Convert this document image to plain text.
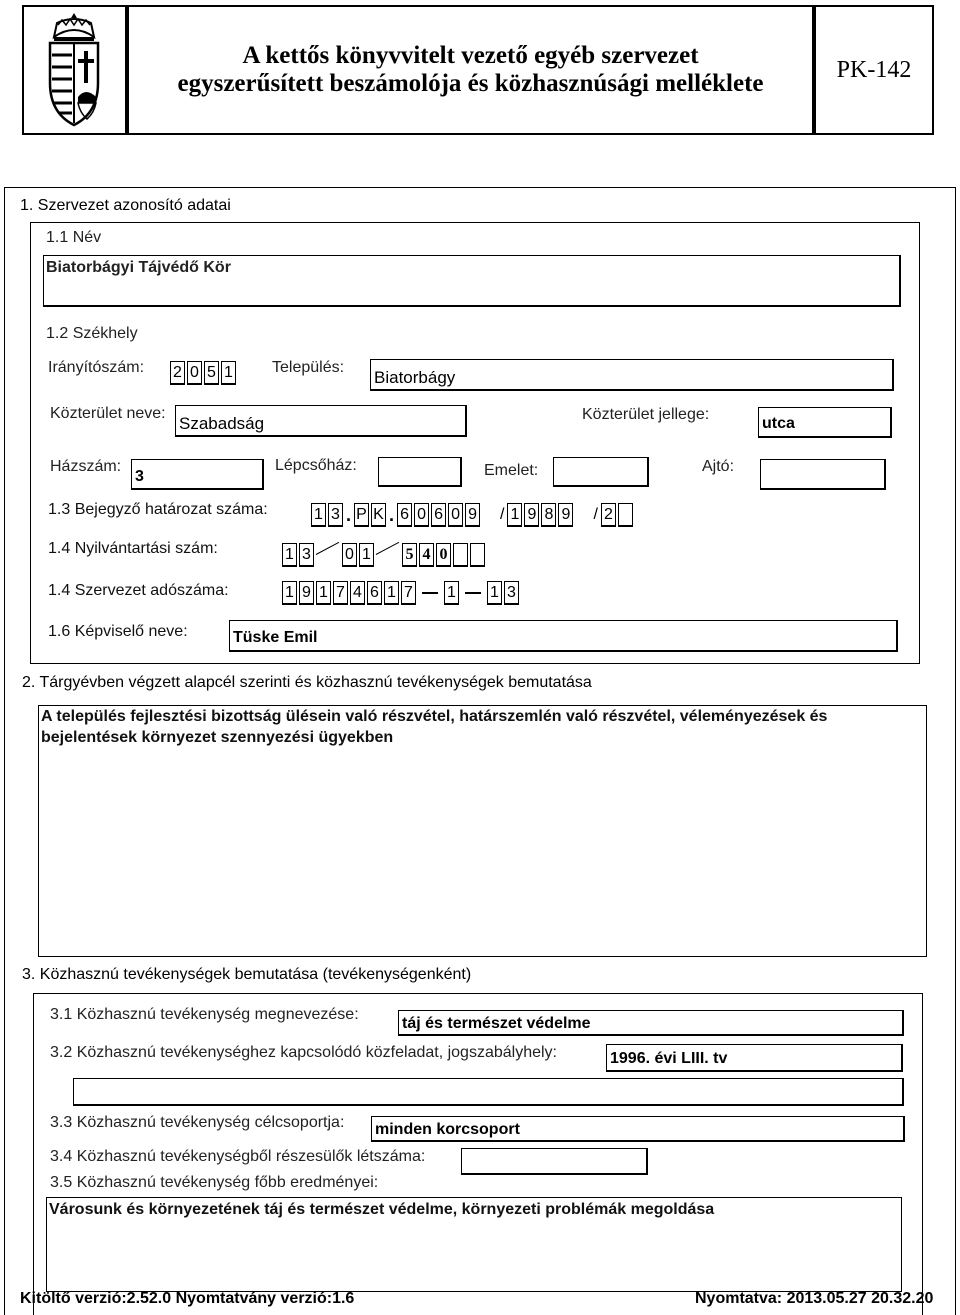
A kettős könyvvitelt vezető egyéb szervezet
egyszerűsített beszámolója és közhasznúsági melléklete
PK-142
1. Szervezet azonosító adatai
1.1 Név
Biatorbágyi Tájvédő Kör
1.2 Székhely
Irányítószám: 2 0 5 1 Település:
Biatorbágy
Közterület neve:
Szabadság	Közterület jellege:
utca
Házszám:
3
Lépcsőház:	Emelet:	Ajtó:
1.3 Bejegyző határozat száma:	1 3 . P K . 6 0 6 0 9 / 1 9 8 9 / 2
1.4 Nyilvántartási szám:	1 3 0 1 5 4 0
1.4 Szervezet adószáma:	1 9 1 7 4 6 1 7 1 1 3
1.6 Képviselő neve:	Tüske Emil
2. Tárgyévben végzett alapcél szerinti és közhasznú tevékenységek bemutatása
A település fejlesztési bizottság ülésein való részvétel, határszemlén való részvétel, véleményezések és bejelentések környezet szennyezési ügyekben
3. Közhasznú tevékenységek bemutatása (tevékenységenként)
3.1 Közhasznú tevékenység megnevezése:
táj és természet védelme
3.2 Közhasznú tevékenységhez kapcsolódó közfeladat, jogszabályhely:	1996. évi LIII. tv
3.3 Közhasznú tevékenység célcsoportja: minden korcsoport
3.4 Közhasznú tevékenységből részesülők létszáma:
3.5 Közhasznú tevékenység főbb eredményei:
Városunk és környezetének táj és természet védelme, környezeti problémák megoldása
Kitöltő verzió:2.52.0 Nyomtatvány verzió:1.6	Nyomtatva: 2013.05.27 20.32.20
